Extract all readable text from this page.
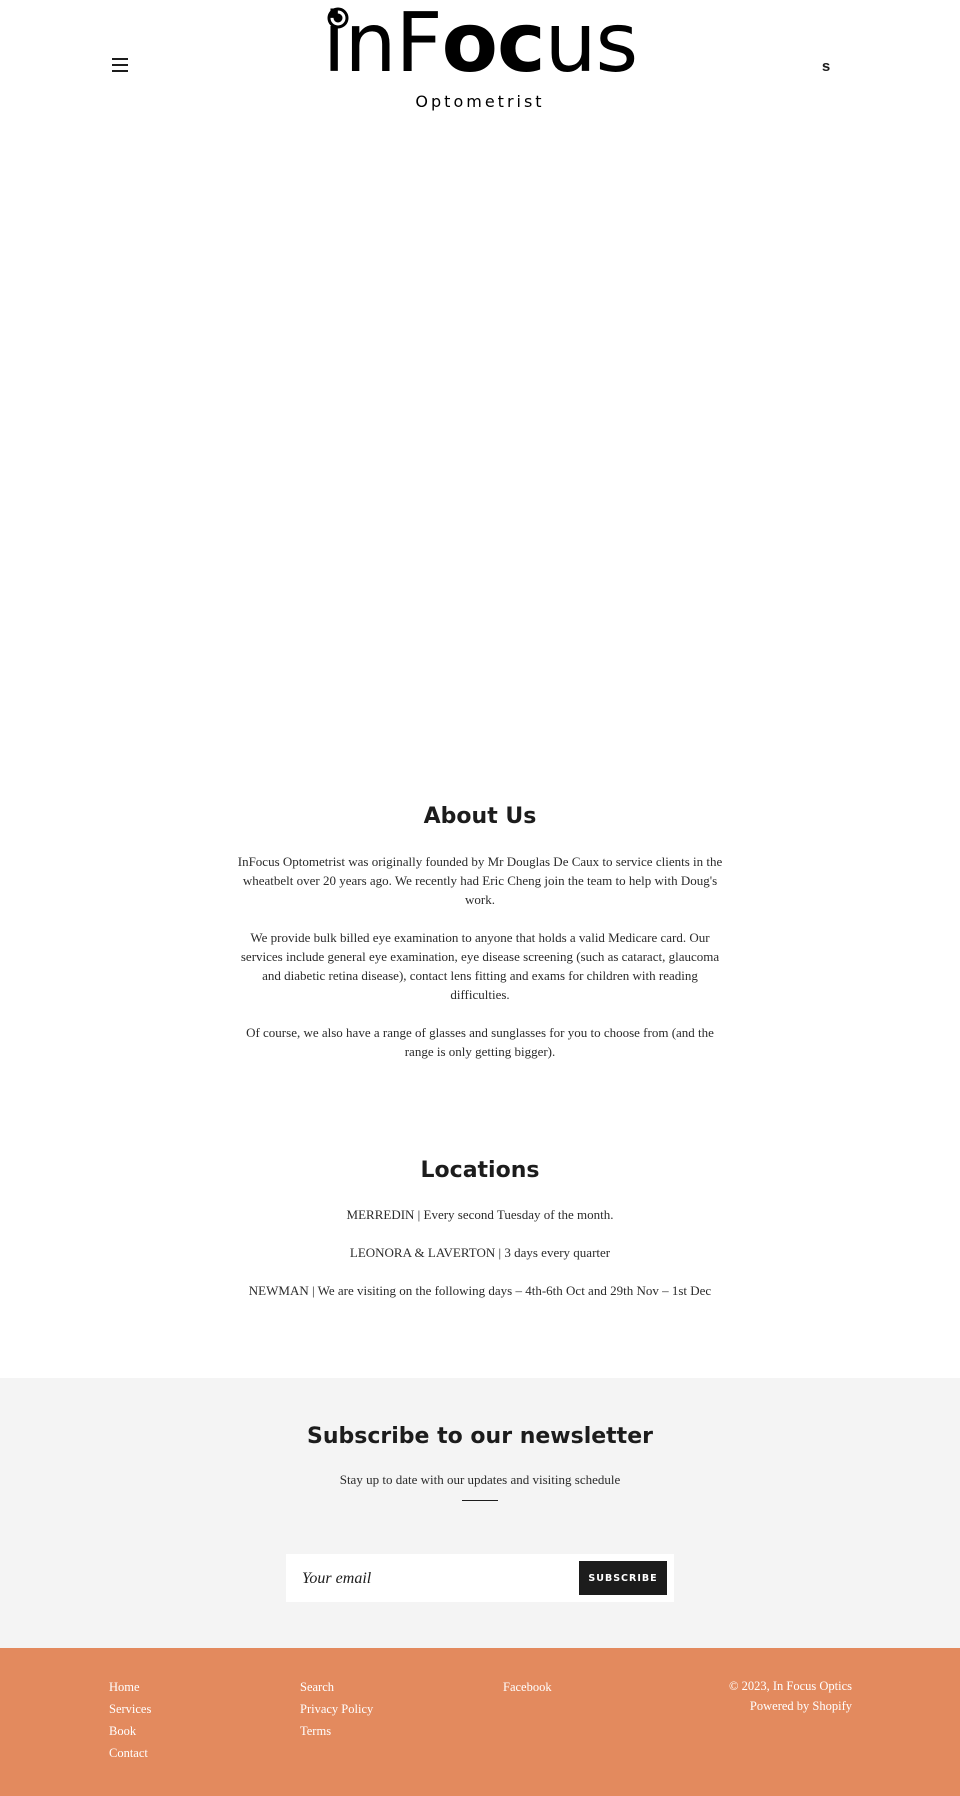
inFocus
Optometrist
s
About Us

InFocus Optometrist was originally founded by Mr Douglas De Caux to service clients in the wheatbelt over 20 years ago. We recently had Eric Cheng join the team to help with Doug's work.

We provide bulk billed eye examination to anyone that holds a valid Medicare card. Our services include general eye examination, eye disease screening (such as cataract, glaucoma and diabetic retina disease), contact lens fitting and exams for children with reading difficulties.

Of course, we also have a range of glasses and sunglasses for you to choose from (and the range is only getting bigger).

Locations

MERREDIN | Every second Tuesday of the month.

LEONORA & LAVERTON | 3 days every quarter

NEWMAN | We are visiting on the following days – 4th-6th Oct and 29th Nov – 1st Dec

Subscribe to our newsletter
Stay up to date with our updates and visiting schedule
Your email
SUBSCRIBE
Home
Services
Book
Contact
Search
Privacy Policy
Terms
Facebook	© 2023, In Focus Optics
Powered by Shopify
